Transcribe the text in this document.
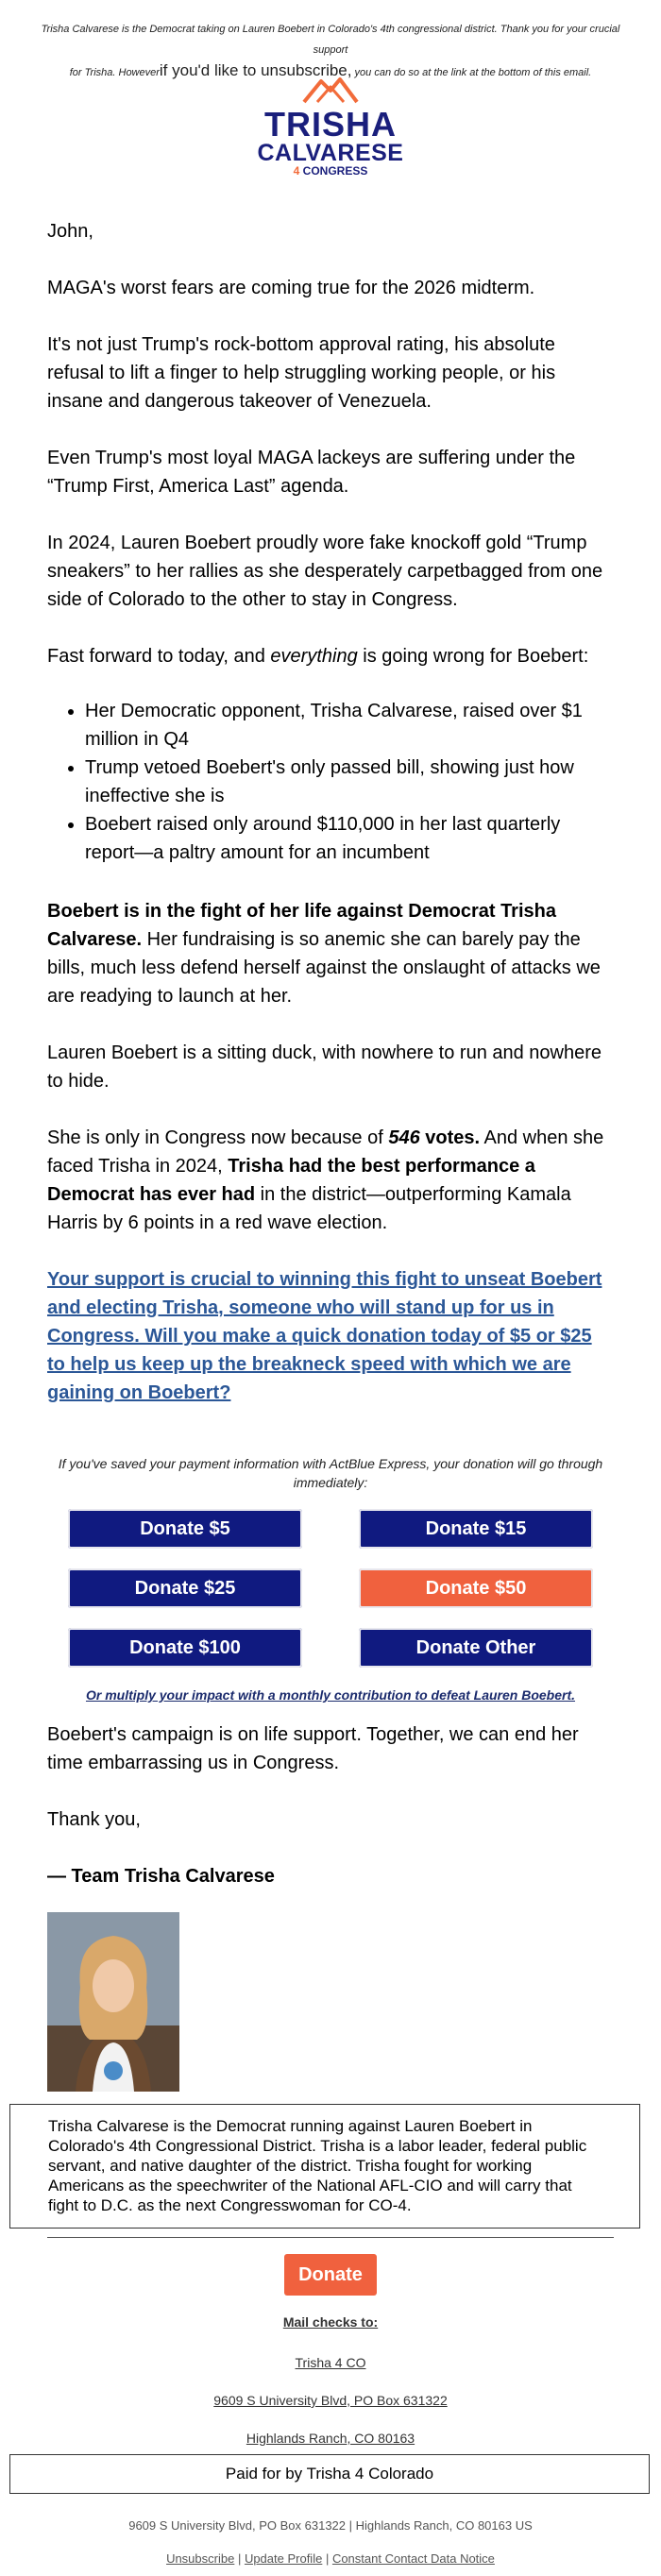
Trisha Calvarese is the Democrat taking on Lauren Boebert in Colorado's 4th congressional district. Thank you for your crucial support
for Trisha. Howeverif you'd like to unsubscribe, you can do so at the link at the bottom of this email.
TRISHA
CALVARESE
4 CONGRESS

John,

MAGA's worst fears are coming true for the 2026 midterm.

It's not just Trump's rock-bottom approval rating, his absolute refusal to lift a finger to help struggling working people, or his insane and dangerous takeover of Venezuela.

Even Trump's most loyal MAGA lackeys are suffering under the “Trump First, America Last” agenda.

In 2024, Lauren Boebert proudly wore fake knockoff gold “Trump sneakers” to her rallies as she desperately carpetbagged from one side of Colorado to the other to stay in Congress.

Fast forward to today, and everything is going wrong for Boebert:

• Her Democratic opponent, Trisha Calvarese, raised over $1 million in Q4
• Trump vetoed Boebert's only passed bill, showing just how ineffective she is
• Boebert raised only around $110,000 in her last quarterly report—a paltry amount for an incumbent

Boebert is in the fight of her life against Democrat Trisha Calvarese. Her fundraising is so anemic she can barely pay the bills, much less defend herself against the onslaught of attacks we are readying to launch at her.

Lauren Boebert is a sitting duck, with nowhere to run and nowhere to hide.

She is only in Congress now because of 546 votes. And when she faced Trisha in 2024, Trisha had the best performance a Democrat has ever had in the district—outperforming Kamala Harris by 6 points in a red wave election.

Your support is crucial to winning this fight to unseat Boebert and electing Trisha, someone who will stand up for us in Congress. Will you make a quick donation today of $5 or $25 to help us keep up the breakneck speed with which we are gaining on Boebert?

If you've saved your payment information with ActBlue Express, your donation will go through immediately:
Donate $5	Donate $15
Donate $25	Donate $50
Donate $100	Donate Other
Or multiply your impact with a monthly contribution to defeat Lauren Boebert.

Boebert's campaign is on life support. Together, we can end her time embarrassing us in Congress.

Thank you,

— Team Trisha Calvarese

Trisha Calvarese is the Democrat running against Lauren Boebert in Colorado's 4th Congressional District. Trisha is a labor leader, federal public servant, and native daughter of the district. Trisha fought for working Americans as the speechwriter of the National AFL-CIO and will carry that fight to D.C. as the next Congresswoman for CO-4.
Donate
Mail checks to:
Trisha 4 CO
9609 S University Blvd, PO Box 631322
Highlands Ranch, CO 80163
Paid for by Trisha 4 Colorado
9609 S University Blvd, PO Box 631322 | Highlands Ranch, CO 80163 US
Unsubscribe | Update Profile | Constant Contact Data Notice
